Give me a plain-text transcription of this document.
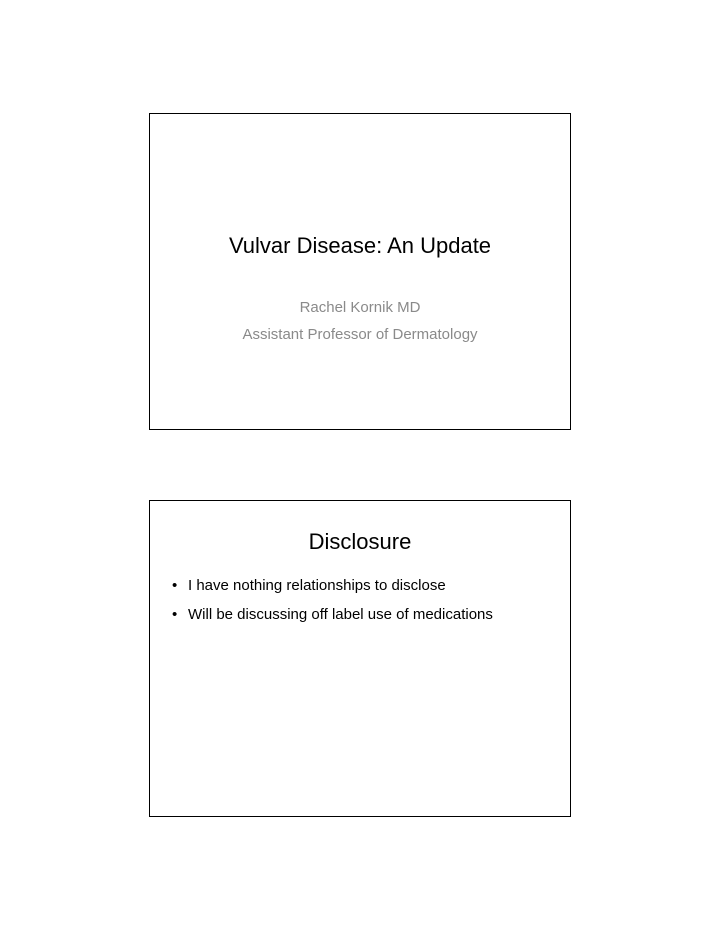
Vulvar Disease: An Update
Rachel Kornik MD
Assistant Professor of Dermatology
Disclosure
• I have nothing relationships to disclose
• Will be discussing off label use of medications
